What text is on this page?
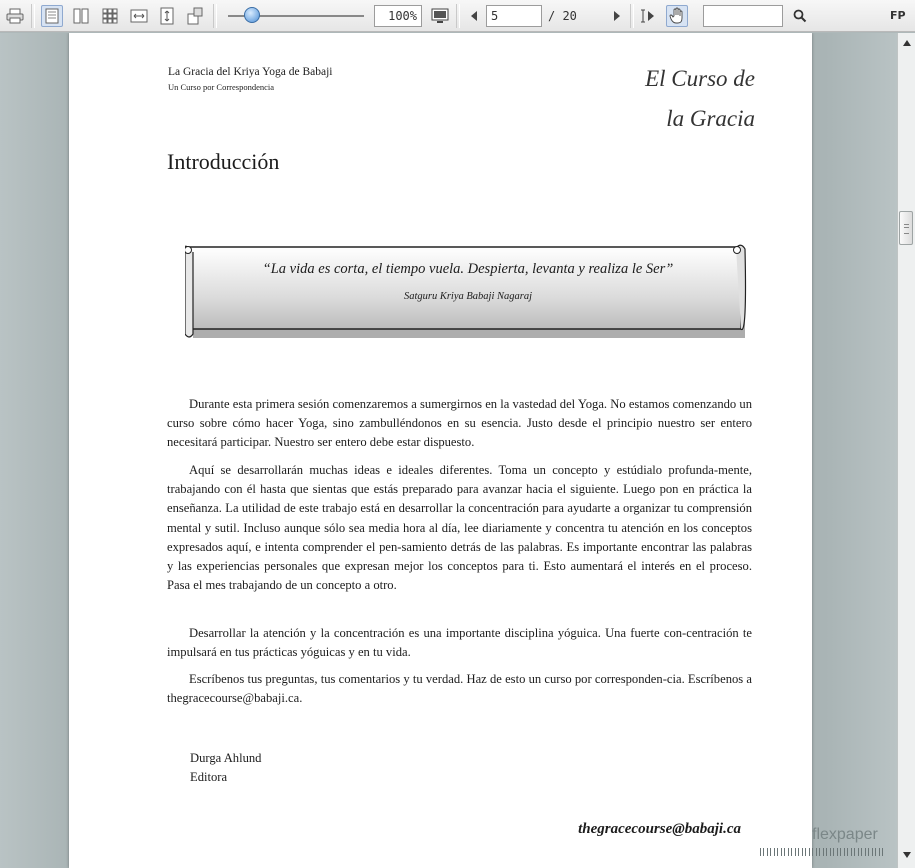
100%	5	/ 20	FP
La Gracia del Kriya Yoga de Babaji
Un Curso por Correspondencia	El Curso de
la Gracia
Introducción
“La vida es corta, el tiempo vuela. Despierta, levanta y realiza le Ser”
Satguru Kriya Babaji Nagaraj

Durante esta primera sesión comenzaremos a sumergirnos en la vastedad del Yoga. No estamos comenzando un curso sobre cómo hacer Yoga, sino zambulléndonos en su esencia. Justo desde el principio nuestro ser entero necesitará participar. Nuestro ser entero debe estar dispuesto.

Aquí se desarrollarán muchas ideas e ideales diferentes. Toma un concepto y estúdialo profunda-mente, trabajando con él hasta que sientas que estás preparado para avanzar hacia el siguiente. Luego pon en práctica la enseñanza. La utilidad de este trabajo está en desarrollar la concentración para ayudarte a organizar tu comprensión mental y sutil. Incluso aunque sólo sea media hora al día, lee diariamente y concentra tu atención en los conceptos expresados aquí, e intenta comprender el pen-samiento detrás de las palabras. Es importante encontrar las palabras y las experiencias personales que expresan mejor los conceptos para ti. Esto aumentará el interés en el proceso. Pasa el mes trabajando de un concepto a otro.

Desarrollar la atención y la concentración es una importante disciplina yóguica. Una fuerte con-centración te impulsará en tus prácticas yóguicas y en tu vida.

Escríbenos tus preguntas, tus comentarios y tu verdad. Haz de esto un curso por corresponden-cia. Escríbenos a thegracecourse@babaji.ca.

Durga Ahlund
Editora
thegracecourse@babaji.ca	flexpaper
